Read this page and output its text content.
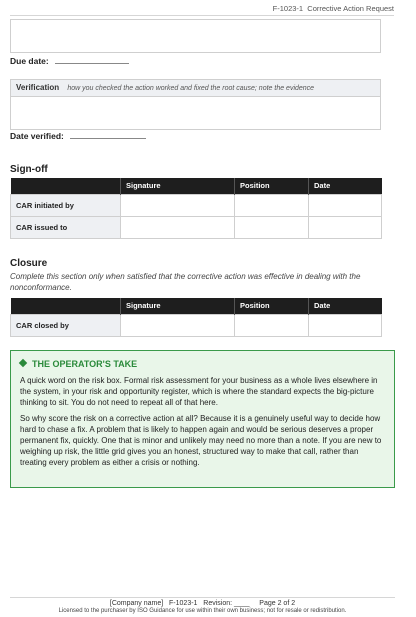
F-1023-1 Corrective Action Request
Due date:
Verification how you checked the action worked and fixed the root cause; note the evidence
Date verified:
Sign-off
	Signature	Position	Date
CAR initiated by			
CAR issued to			
Closure
Complete this section only when satisfied that the corrective action was effective in dealing with the nonconformance.
	Signature	Position	Date
CAR closed by			
THE OPERATOR'S TAKE

A quick word on the risk box. Formal risk assessment for your business as a whole lives elsewhere in the system, in your risk and opportunity register, which is where the standard expects the big-picture thinking to sit. You do not need to repeat all of that here.

So why score the risk on a corrective action at all? Because it is a genuinely useful way to decide how hard to chase a fix. A problem that is likely to happen again and would be serious deserves a proper permanent fix, quickly. One that is minor and unlikely may need no more than a note. If you are new to weighing up risk, the little grid gives you an honest, structured way to make that call, rather than treating every problem as either a crisis or nothing.

[Company name]   F-1023-1   Revision: ____     Page 2 of 2
Licensed to the purchaser by ISO Guidance for use within their own business; not for resale or redistribution.
